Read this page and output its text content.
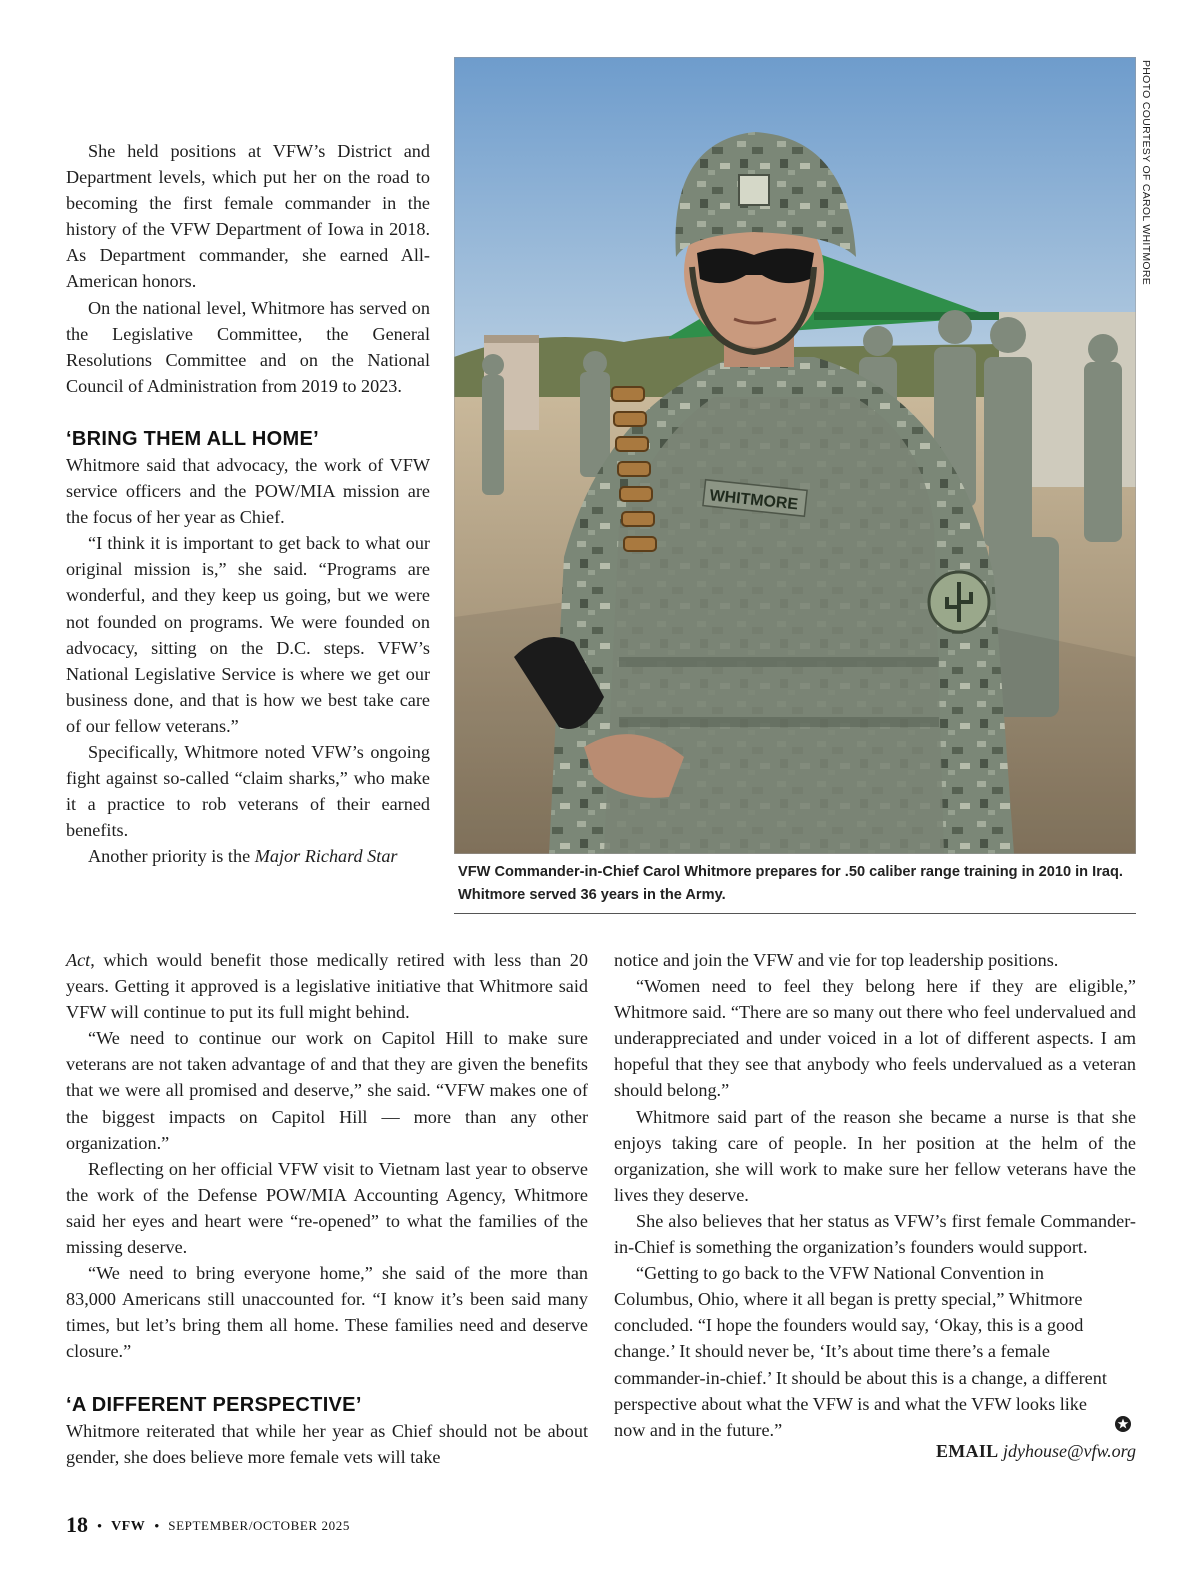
She held positions at VFW’s District and Department levels, which put her on the road to becoming the first female commander in the history of the VFW Department of Iowa in 2018. As Department commander, she earned All-American honors.

On the national level, Whitmore has served on the Legislative Committee, the General Resolutions Committee and on the National Council of Administration from 2019 to 2023.

‘BRING THEM ALL HOME’

Whitmore said that advocacy, the work of VFW service officers and the POW/MIA mission are the focus of her year as Chief.

“I think it is important to get back to what our original mission is,” she said. “Programs are wonderful, and they keep us going, but we were not founded on programs. We were founded on advocacy, sitting on the D.C. steps. VFW’s National Legislative Service is where we get our business done, and that is how we best take care of our fellow veterans.”

Specifically, Whitmore noted VFW’s ongoing fight against so-called “claim sharks,” who make it a practice to rob veterans of their earned benefits.

Another priority is the Major Richard Star

WHITMORE
PHOTO COURTESY OF CAROL WHITMORE
VFW Commander-in-Chief Carol Whitmore prepares for .50 caliber range training in 2010 in Iraq. Whitmore served 36 years in the Army.

Act, which would benefit those medically retired with less than 20 years. Getting it approved is a legislative initiative that Whitmore said VFW will continue to put its full might behind.

“We need to continue our work on Capitol Hill to make sure veterans are not taken advantage of and that they are given the benefits that we were all promised and deserve,” she said. “VFW makes one of the biggest impacts on Capitol Hill — more than any other organization.”

Reflecting on her official VFW visit to Vietnam last year to observe the work of the Defense POW/MIA Accounting Agency, Whitmore said her eyes and heart were “re-opened” to what the families of the missing deserve.

“We need to bring everyone home,” she said of the more than 83,000 Americans still unaccounted for. “I know it’s been said many times, but let’s bring them all home. These families need and deserve closure.”

‘A DIFFERENT PERSPECTIVE’

Whitmore reiterated that while her year as Chief should not be about gender, she does believe more female vets will take

notice and join the VFW and vie for top leadership positions.

“Women need to feel they belong here if they are eligible,” Whitmore said. “There are so many out there who feel undervalued and underappreciated and under voiced in a lot of different aspects. I am hopeful that they see that anybody who feels undervalued as a veteran should belong.”

Whitmore said part of the reason she became a nurse is that she enjoys taking care of people. In her position at the helm of the organization, she will work to make sure her fellow veterans have the lives they deserve.

She also believes that her status as VFW’s first female Commander-in-Chief is something the organization’s founders would support.

“Getting to go back to the VFW National Convention in Columbus, Ohio, where it all began is pretty special,” Whitmore concluded. “I hope the founders would say, ‘Okay, this is a good change.’ It should never be, ‘It’s about time there’s a female commander-in-chief.’ It should be about this is a change, a different perspective about what the VFW is and what the VFW looks like now and in the future.”

EMAIL jdyhouse@vfw.org
18 • VFW • SEPTEMBER/OCTOBER 2025
